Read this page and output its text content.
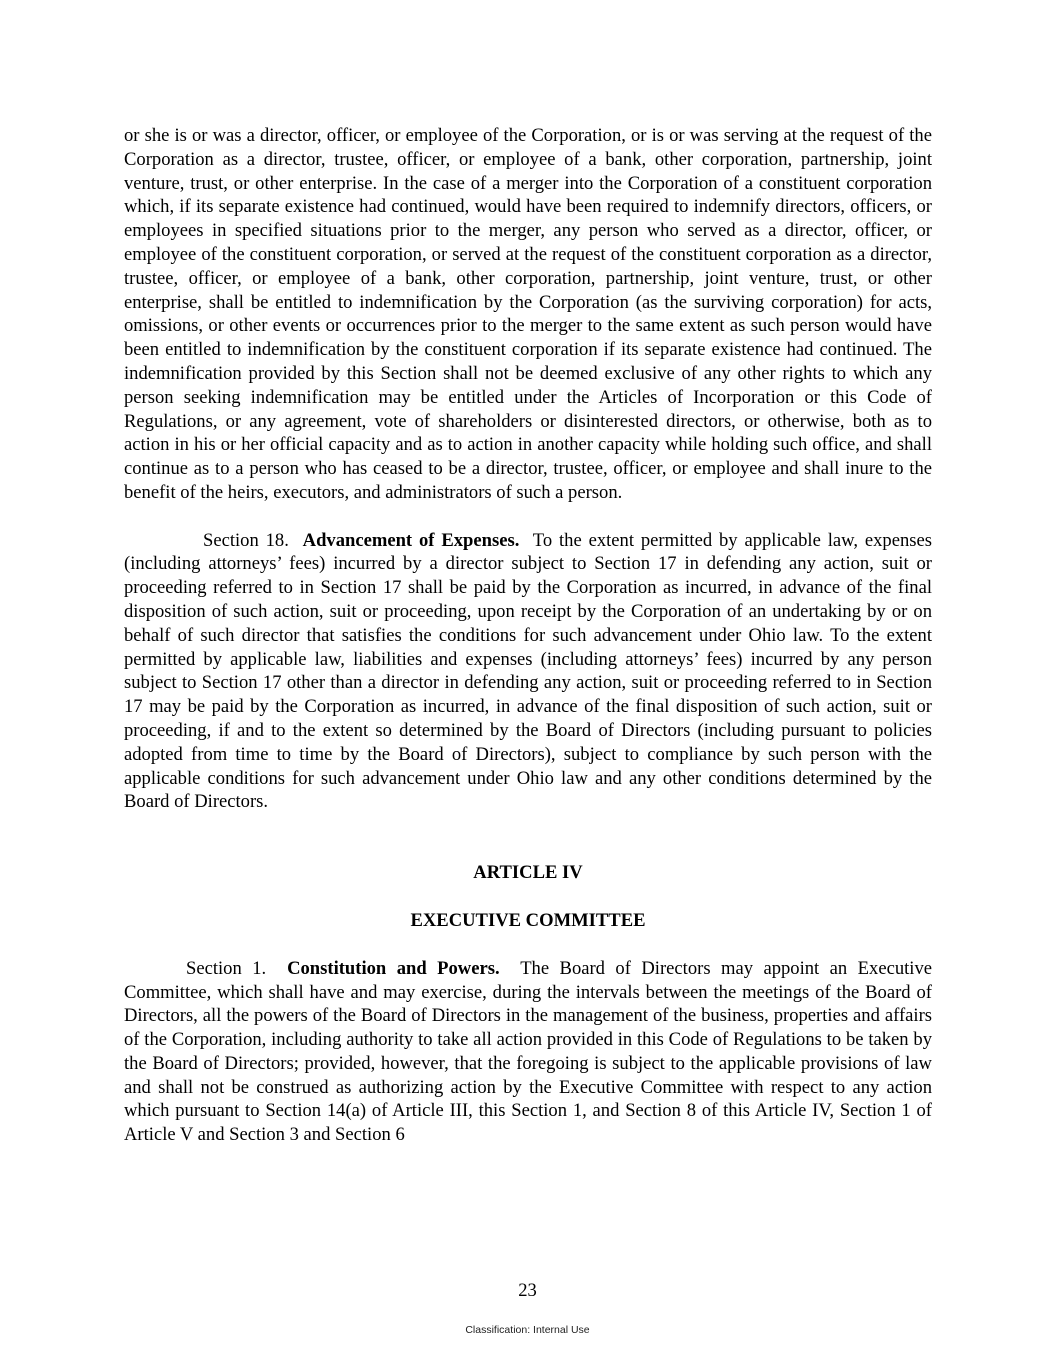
or she is or was a director, officer, or employee of the Corporation, or is or was serving at the request of the Corporation as a director, trustee, officer, or employee of a bank, other corporation, partnership, joint venture, trust, or other enterprise. In the case of a merger into the Corporation of a constituent corporation which, if its separate existence had continued, would have been required to indemnify directors, officers, or employees in specified situations prior to the merger, any person who served as a director, officer, or employee of the constituent corporation, or served at the request of the constituent corporation as a director, trustee, officer, or employee of a bank, other corporation, partnership, joint venture, trust, or other enterprise, shall be entitled to indemnification by the Corporation (as the surviving corporation) for acts, omissions, or other events or occurrences prior to the merger to the same extent as such person would have been entitled to indemnification by the constituent corporation if its separate existence had continued. The indemnification provided by this Section shall not be deemed exclusive of any other rights to which any person seeking indemnification may be entitled under the Articles of Incorporation or this Code of Regulations, or any agreement, vote of shareholders or disinterested directors, or otherwise, both as to action in his or her official capacity and as to action in another capacity while holding such office, and shall continue as to a person who has ceased to be a director, trustee, officer, or employee and shall inure to the benefit of the heirs, executors, and administrators of such a person.

Section 18. Advancement of Expenses. To the extent permitted by applicable law, expenses (including attorneys’ fees) incurred by a director subject to Section 17 in defending any action, suit or proceeding referred to in Section 17 shall be paid by the Corporation as incurred, in advance of the final disposition of such action, suit or proceeding, upon receipt by the Corporation of an undertaking by or on behalf of such director that satisfies the conditions for such advancement under Ohio law. To the extent permitted by applicable law, liabilities and expenses (including attorneys’ fees) incurred by any person subject to Section 17 other than a director in defending any action, suit or proceeding referred to in Section 17 may be paid by the Corporation as incurred, in advance of the final disposition of such action, suit or proceeding, if and to the extent so determined by the Board of Directors (including pursuant to policies adopted from time to time by the Board of Directors), subject to compliance by such person with the applicable conditions for such advancement under Ohio law and any other conditions determined by the Board of Directors.

ARTICLE IV

EXECUTIVE COMMITTEE

Section 1. Constitution and Powers. The Board of Directors may appoint an Executive Committee, which shall have and may exercise, during the intervals between the meetings of the Board of Directors, all the powers of the Board of Directors in the management of the business, properties and affairs of the Corporation, including authority to take all action provided in this Code of Regulations to be taken by the Board of Directors; provided, however, that the foregoing is subject to the applicable provisions of law and shall not be construed as authorizing action by the Executive Committee with respect to any action which pursuant to Section 14(a) of Article III, this Section 1, and Section 8 of this Article IV, Section 1 of Article V and Section 3 and Section 6

23
Classification: Internal Use
